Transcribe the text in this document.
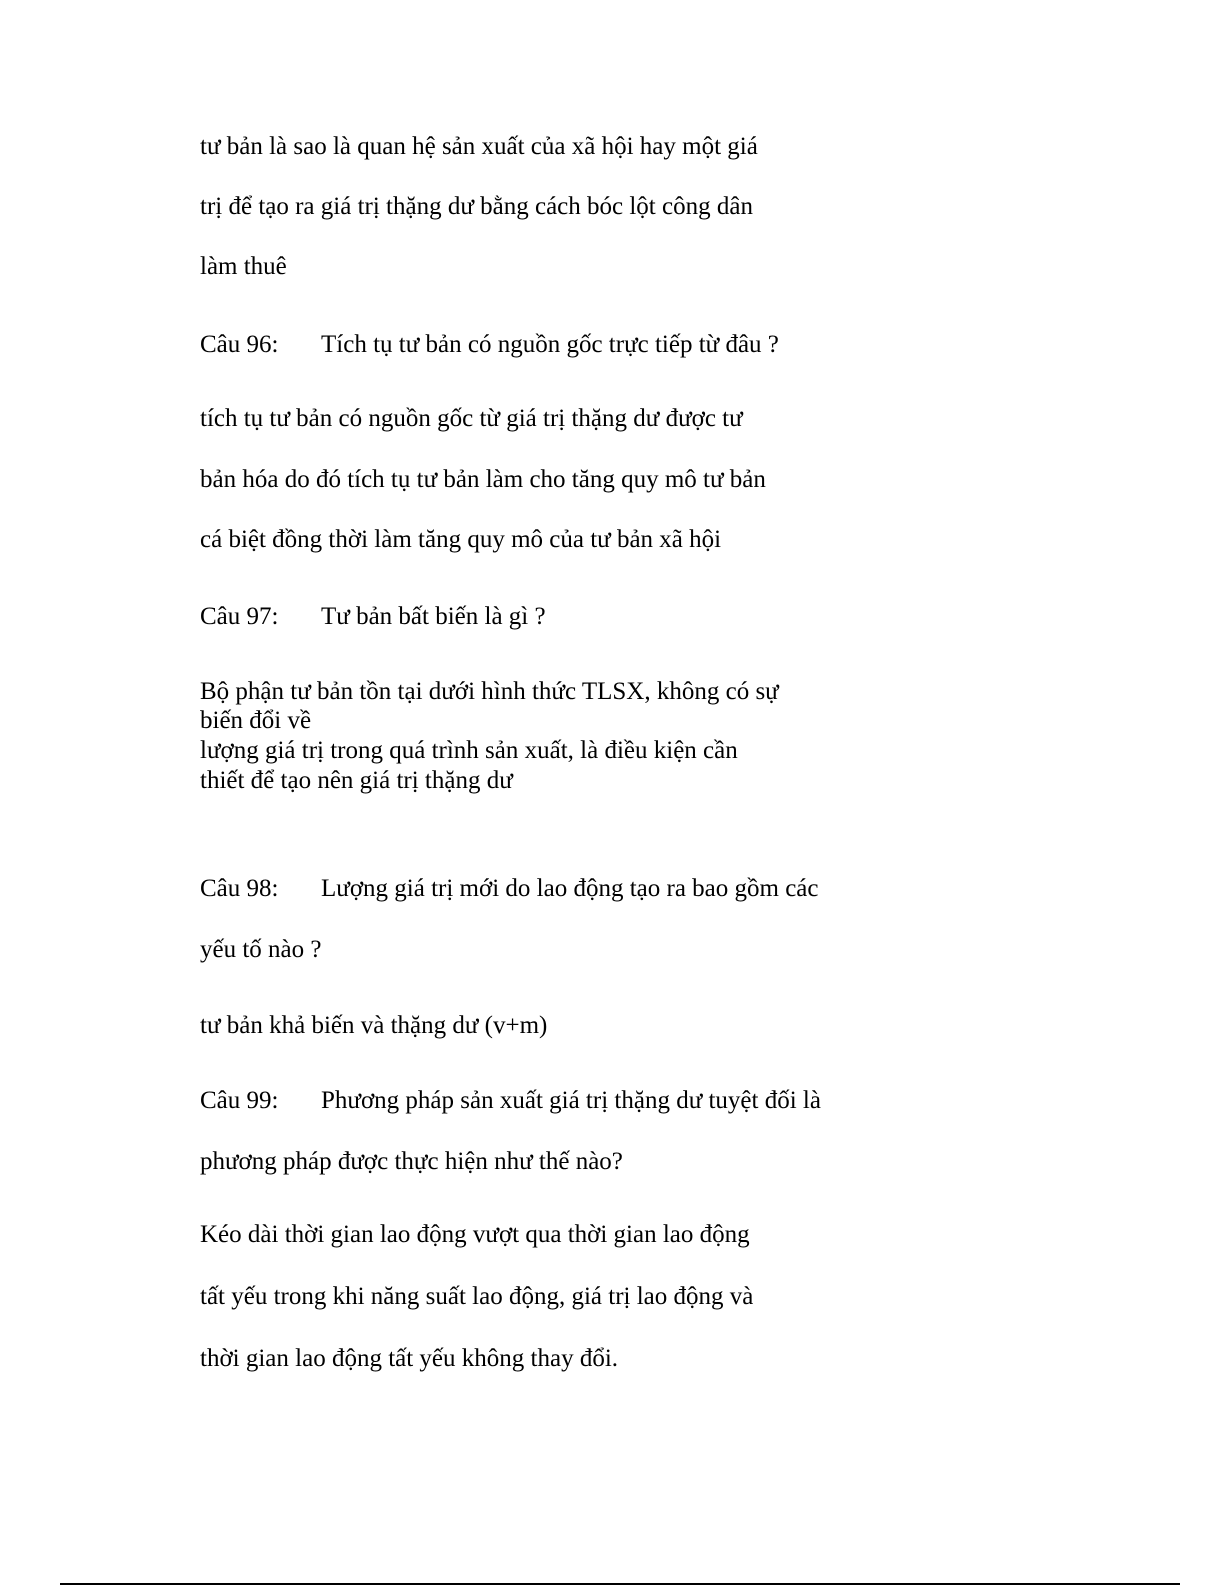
tư bản là sao là quan hệ sản xuất của xã hội hay một giá
trị để tạo ra giá trị thặng dư bằng cách bóc lột công dân
làm thuê
Câu 96: Tích tụ tư bản có nguồn gốc trực tiếp từ đâu ?
tích tụ tư bản có nguồn gốc từ giá trị thặng dư được tư
bản hóa do đó tích tụ tư bản làm cho tăng quy mô tư bản
cá biệt đồng thời làm tăng quy mô của tư bản xã hội
Câu 97: Tư bản bất biến là gì ?
Bộ phận tư bản tồn tại dưới hình thức TLSX, không có sự
biến đổi về
lượng giá trị trong quá trình sản xuất, là điều kiện cần
thiết để tạo nên giá trị thặng dư
Câu 98: Lượng giá trị mới do lao động tạo ra bao gồm các
yếu tố nào ?
tư bản khả biến và thặng dư (v+m)
Câu 99: Phương pháp sản xuất giá trị thặng dư tuyệt đối là
phương pháp được thực hiện như thế nào?
Kéo dài thời gian lao động vượt qua thời gian lao động
tất yếu trong khi năng suất lao động, giá trị lao động và
thời gian lao động tất yếu không thay đổi.
